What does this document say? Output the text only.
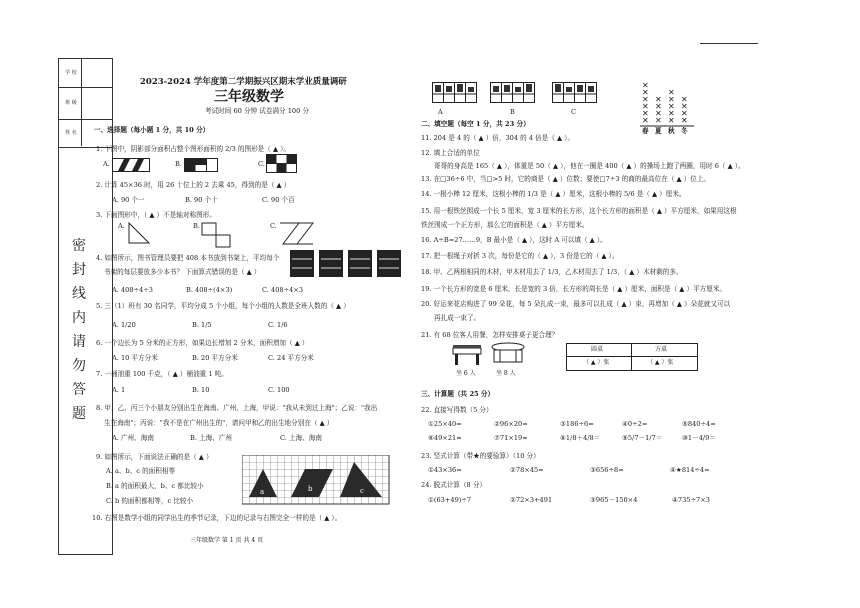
学 校
班 级
姓 名
密
封
线
内
请
勿
答
题
2023-2024 学年度第二学期振兴区期末学业质量调研
三年级数学
考试时间 60 分钟 试卷满分 100 分
一、选择题（每小题 1 分，共 10 分）
1. 下图中，阴影部分面积占整个图形面积的 2/3 的图形是（ ▲ ）。
A.	B.	C.
2. 计算 45×36 时，用 26 十位上的 2 去乘 45，得到的是（ ▲ ）
A. 90 个一	B. 90 个十	C. 90 个百
3. 下面图形中，（ ▲ ）不是轴对称图形。
A.	B.	C.
4. 如图所示，图书管理员要把 408 本书放到书架上，平均每个
书架的每层要放多少本书？ 下面算式错误的是（ ▲ ）
A. 408÷4÷3	B. 408÷(4×3)	C. 408÷4×3
5. 三（1）班有 30 名同学，平均分成 5 个小组，每个小组的人数是全班人数的（ ▲ ）
A. 1/20	B. 1/5	C. 1/6
6. 一个边长为 5 分米的正方形，如果边长增加 2 分米，面积增加（ ▲ ）
A. 10 平方分米	B. 20 平方分米	C. 24 平方分米
7. 一桶油重 100 千克，（ ▲ ）桶油重 1 吨。
A. 1	B. 10	C. 100
8. 甲、乙、丙三个小朋友分别出生在海南、广州、上海，甲说："我从未到过上海"；乙说："我出
生在海南"；丙说："我不是在广州出生的"，请问甲和乙的出生地分别在（ ▲ ）
A. 广州、海南	B. 上海、广州	C. 上海、海南
9. 如图所示，下面说法正确的是（ ▲ ）
A. a、b、c 的面积相等
B. a 的面积最大，b、c 都比较小
C. b 的面积都相等，c 比较小
a	b	c
10. 右图是数学小组的同学出生的季节记录，下边的记录与右图完全一样的是（ ▲ ）。
三年级数学 第 1 页 共 4 页
A	B	C
✕
✕
✕
✕
✕
✕
✕
✕
✕
✕
✕
✕
✕
✕
✕
✕
✕
✕
✕
春 夏 秋 冬
二、填空题（每空 1 分，共 23 分）
11. 204 是 4 的（ ▲ ）倍，304 的 4 倍是（ ▲ ）。
12. 填上合适的单位
哥哥的身高是 165（ ▲ ），体重是 50（ ▲ ），他在一圈是 400（ ▲ ）的操场上跑了两圈，用时 6（ ▲ ）。
13. 在□36÷6 中，当□>5 时，它的商是（ ▲ ）位数；要使□7÷3 的商的最高位在（ ▲ ）位上。
14. 一根小棒 12 厘米，这根小棒的 1/3 是（ ▲ ）厘米，这根小棒的 5/6 是（ ▲ ）厘米。
15. 用一根铁丝围成一个长 5 厘米，宽 3 厘米的长方形，这个长方形的面积是（ ▲ ）平方厘米，如果用这根
铁丝围成一个正方形，那么它的面积是（ ▲ ）平方厘米。
16. A÷B=27……9，B 最小是（ ▲ ），这时 A 可以填（ ▲ ）。
17. 把一根绳子对折 3 次，每份是它的（ ▲ ），3 份是它的（ ▲ ）。
18. 甲、乙两根相同的木材，甲木材用去了 1/3，乙木材用去了 1/3，（ ▲ ）木材剩的多。
19. 一个长方形的宽是 6 厘米，长是宽的 3 倍，长方形的周长是（ ▲ ）厘米，面积是（ ▲ ）平方厘米。
20. 好运来花店购进了 99 朵花，每 5 朵扎成一束，最多可以扎成（ ▲ ）束，再增加（ ▲ ）朵花就又可以
再扎成一束了。
21. 有 68 位客人用餐，怎样安排桌子更合理？
坐 6 人	坐 8 人
圆桌	方桌
（ ▲ ）张	（ ▲ ）张
三、计算题（共 25 分）
22. 直接写得数（5 分）
①25×40=	②96×20=	③186÷6=	④0÷2=	⑤840÷4=
⑥49×21≈	⑦71×19≈	⑧1/8＋4/8＝	⑨5/7－1/7＝	⑩1－4/9＝
23. 竖式计算（带★的要验算）（10 分）
①43×36=	②78×45=	③656÷8=	④★814÷4=
24. 脱式计算（8 分）
①(63+49)÷7	②72×3+491	③965－150×4	④735÷7×3
